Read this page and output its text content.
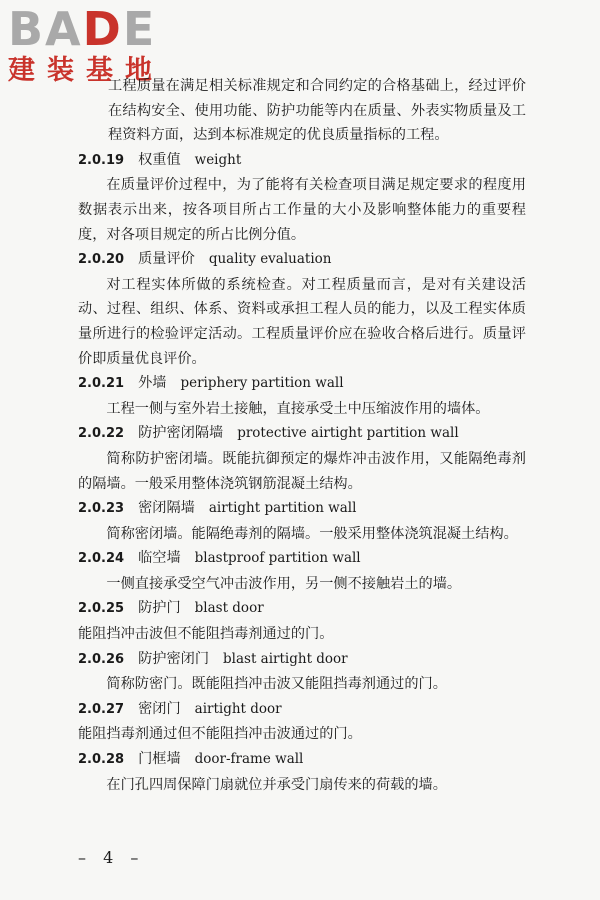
BADE
建装基地

工程质量在满足相关标准规定和合同约定的合格基础上，经过评价在结构安全、使用功能、防护功能等内在质量、外表实物质量及工程资料方面，达到本标准规定的优良质量指标的工程。

2.0.19 权重值 weight

在质量评价过程中，为了能将有关检查项目满足规定要求的程度用数据表示出来，按各项目所占工作量的大小及影响整体能力的重要程度，对各项目规定的所占比例分值。

2.0.20 质量评价 quality evaluation

对工程实体所做的系统检查。对工程质量而言，是对有关建设活动、过程、组织、体系、资料或承担工程人员的能力，以及工程实体质量所进行的检验评定活动。工程质量评价应在验收合格后进行。质量评价即质量优良评价。

2.0.21 外墙 periphery partition wall

工程一侧与室外岩土接触，直接承受土中压缩波作用的墙体。

2.0.22 防护密闭隔墙 protective airtight partition wall

简称防护密闭墙。既能抗御预定的爆炸冲击波作用，又能隔绝毒剂的隔墙。一般采用整体浇筑钢筋混凝土结构。

2.0.23 密闭隔墙 airtight partition wall

简称密闭墙。能隔绝毒剂的隔墙。一般采用整体浇筑混凝土结构。

2.0.24 临空墙 blastproof partition wall

一侧直接承受空气冲击波作用，另一侧不接触岩土的墙。

2.0.25 防护门 blast door

能阻挡冲击波但不能阻挡毒剂通过的门。

2.0.26 防护密闭门 blast airtight door

简称防密门。既能阻挡冲击波又能阻挡毒剂通过的门。

2.0.27 密闭门 airtight door

能阻挡毒剂通过但不能阻挡冲击波通过的门。

2.0.28 门框墙 door-frame wall

在门孔四周保障门扇就位并承受门扇传来的荷载的墙。

– 4 –
